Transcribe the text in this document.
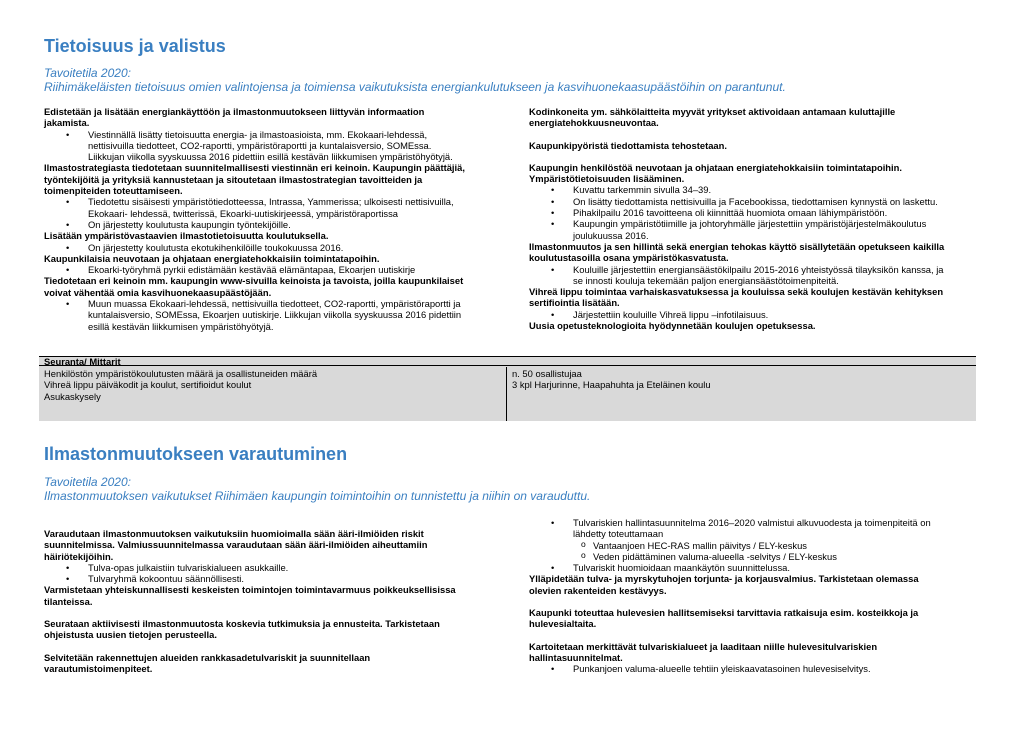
Tietoisuus ja valistus
Tavoitetila 2020:
Riihimäkeläisten tietoisuus omien valintojensa ja toimiensa vaikutuksista energiankulutukseen ja kasvihuonekaasupäästöihin on parantunut.
Edistetään ja lisätään energiankäyttöön ja ilmastonmuutokseen liittyvän informaation
jakamista.
• Viestinnällä lisätty tietoisuutta energia- ja ilmastoasioista, mm. Ekokaari-lehdessä,
nettisivuilla tiedotteet, CO2-raportti, ympäristöraportti ja kuntalaisversio, SOMEssa.
Liikkujan viikolla syyskuussa 2016 pidettiin esillä kestävän liikkumisen ympäristöhyötyjä.
Ilmastostrategiasta tiedotetaan suunnitelmallisesti viestinnän eri keinoin. Kaupungin päättäjiä,
työntekijöitä ja yrityksiä kannustetaan ja sitoutetaan ilmastostrategian tavoitteiden ja
toimenpiteiden toteuttamiseen.
• Tiedotettu sisäisesti ympäristötiedotteessa, Intrassa, Yammerissa; ulkoisesti nettisivuilla,
Ekokaari- lehdessä, twitterissä, Ekoarki-uutiskirjeessä, ympäristöraportissa
• On järjestetty koulutusta kaupungin työntekijöille.
Lisätään ympäristövastaavien ilmastotietoisuutta koulutuksella.
• On järjestetty koulutusta ekotukihenkilöille toukokuussa 2016.
Kaupunkilaisia neuvotaan ja ohjataan energiatehokkaisiin toimintatapoihin.
• Ekoarki-työryhmä pyrkii edistämään kestävää elämäntapaa, Ekoarjen uutiskirje
Tiedotetaan eri keinoin mm. kaupungin www-sivuilla keinoista ja tavoista, joilla kaupunkilaiset
voivat vähentää omia kasvihuonekaasupäästöjään.
• Muun muassa Ekokaari-lehdessä, nettisivuilla tiedotteet, CO2-raportti, ympäristöraportti ja
kuntalaisversio, SOMEssa, Ekoarjen uutiskirje. Liikkujan viikolla syyskuussa 2016 pidettiin
esillä kestävän liikkumisen ympäristöhyötyjä.
Kodinkoneita ym. sähkölaitteita myyvät yritykset aktivoidaan antamaan kuluttajille
energiatehokkuusneuvontaa.
Kaupunkipyöristä tiedottamista tehostetaan.
Kaupungin henkilöstöä neuvotaan ja ohjataan energiatehokkaisiin toimintatapoihin.
Ympäristötietoisuuden lisääminen.
• Kuvattu tarkemmin sivulla 34–39.
• On lisätty tiedottamista nettisivuilla ja Facebookissa, tiedottamisen kynnystä on laskettu.
• Pihakilpailu 2016 tavoitteena oli kiinnittää huomiota omaan lähiympäristöön.
• Kaupungin ympäristötiimille ja johtoryhmälle järjestettiin ympäristöjärjestelmäkoulutus
joulukuussa 2016.
Ilmastonmuutos ja sen hillintä sekä energian tehokas käyttö sisällytetään opetukseen kaikilla
koulutustasoilla osana ympäristökasvatusta.
• Kouluille järjestettiin energiansäästökilpailu 2015-2016 yhteistyössä tilayksikön kanssa, ja
se innosti kouluja tekemään paljon energiansäästötoimenpiteitä.
Vihreä lippu toimintaa varhaiskasvatuksessa ja kouluissa sekä koulujen kestävän kehityksen
sertifiointia lisätään.
• Järjestettiin kouluille Vihreä lippu –infotilaisuus.
Uusia opetusteknologioita hyödynnetään koulujen opetuksessa.
Seuranta/ Mittarit
Henkilöstön ympäristökoulutusten määrä ja osallistuneiden määrä
Vihreä lippu päiväkodit ja koulut, sertifioidut koulut
Asukaskysely
n. 50 osallistujaa
3 kpl Harjurinne, Haapahuhta ja Eteläinen koulu
Ilmastonmuutokseen varautuminen
Tavoitetila 2020:
Ilmastonmuutoksen vaikutukset Riihimäen kaupungin toimintoihin on tunnistettu ja niihin on varauduttu.
Varaudutaan ilmastonmuutoksen vaikutuksiin huomioimalla sään ääri-ilmiöiden riskit
suunnitelmissa. Valmiussuunnitelmassa varaudutaan sään ääri-ilmiöiden aiheuttamiin
häiriötekijöihin.
• Tulva-opas julkaistiin tulvariskialueen asukkaille.
• Tulvaryhmä kokoontuu säännöllisesti.
Varmistetaan yhteiskunnallisesti keskeisten toimintojen toimintavarmuus poikkeuksellisissa
tilanteissa.
Seurataan aktiivisesti ilmastonmuutosta koskevia tutkimuksia ja ennusteita. Tarkistetaan
ohjeistusta uusien tietojen perusteella.
Selvitetään rakennettujen alueiden rankkasadetulvariskit ja suunnitellaan
varautumistoimenpiteet.
• Tulvariskien hallintasuunnitelma 2016–2020 valmistui alkuvuodesta ja toimenpiteitä on
lähdetty toteuttamaan
o Vantaanjoen HEC-RAS mallin päivitys / ELY-keskus
o Veden pidättäminen valuma-alueella -selvitys / ELY-keskus
• Tulvariskit huomioidaan maankäytön suunnittelussa.
Ylläpidetään tulva- ja myrskytuhojen torjunta- ja korjausvalmius. Tarkistetaan olemassa
olevien rakenteiden kestävyys.
Kaupunki toteuttaa hulevesien hallitsemiseksi tarvittavia ratkaisuja esim. kosteikkoja ja
hulevesialtaita.
Kartoitetaan merkittävät tulvariskialueet ja laaditaan niille hulevesitulvariskien
hallintasuunnitelmat.
• Punkanjoen valuma-alueelle tehtiin yleiskaavatasoinen hulevesiselvitys.
